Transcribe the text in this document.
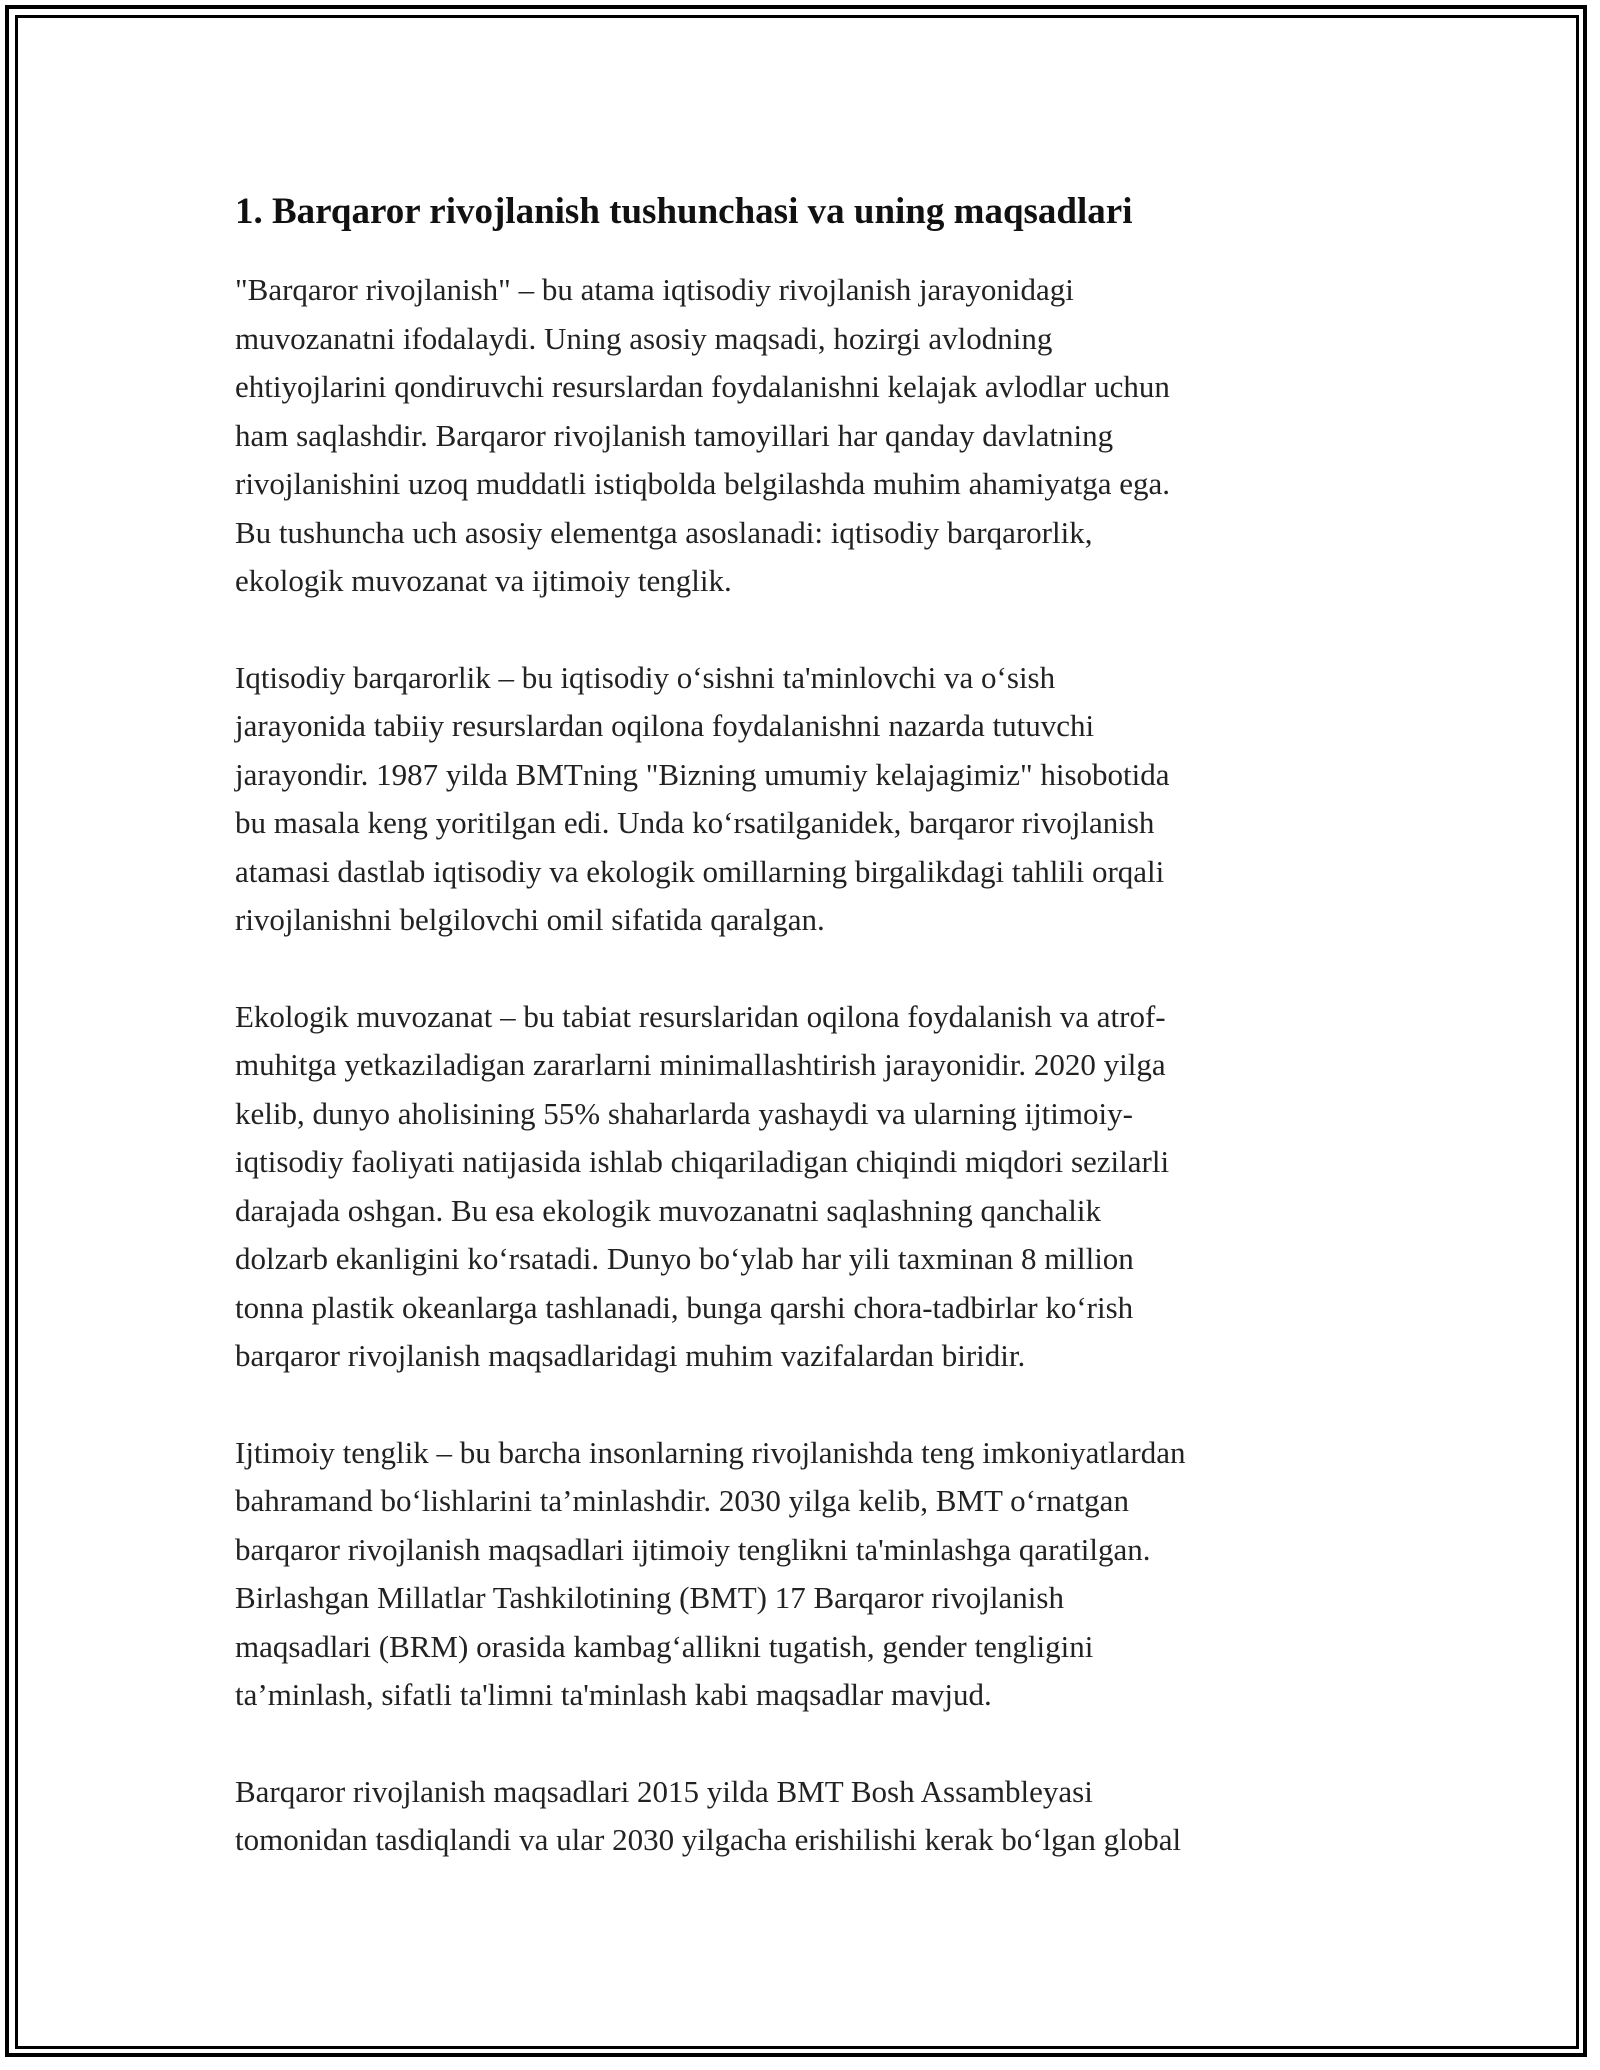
1. Barqaror rivojlanish tushunchasi va uning maqsadlari

"Barqaror rivojlanish" – bu atama iqtisodiy rivojlanish jarayonidagi
muvozanatni ifodalaydi. Uning asosiy maqsadi, hozirgi avlodning
ehtiyojlarini qondiruvchi resurslardan foydalanishni kelajak avlodlar uchun
ham saqlashdir. Barqaror rivojlanish tamoyillari har qanday davlatning
rivojlanishini uzoq muddatli istiqbolda belgilashda muhim ahamiyatga ega.
Bu tushuncha uch asosiy elementga asoslanadi: iqtisodiy barqarorlik,
ekologik muvozanat va ijtimoiy tenglik.

Iqtisodiy barqarorlik – bu iqtisodiy o‘sishni ta'minlovchi va o‘sish
jarayonida tabiiy resurslardan oqilona foydalanishni nazarda tutuvchi
jarayondir. 1987 yilda BMTning "Bizning umumiy kelajagimiz" hisobotida
bu masala keng yoritilgan edi. Unda ko‘rsatilganidek, barqaror rivojlanish
atamasi dastlab iqtisodiy va ekologik omillarning birgalikdagi tahlili orqali
rivojlanishni belgilovchi omil sifatida qaralgan.

Ekologik muvozanat – bu tabiat resurslaridan oqilona foydalanish va atrof-
muhitga yetkaziladigan zararlarni minimallashtirish jarayonidir. 2020 yilga
kelib, dunyo aholisining 55% shaharlarda yashaydi va ularning ijtimoiy-
iqtisodiy faoliyati natijasida ishlab chiqariladigan chiqindi miqdori sezilarli
darajada oshgan. Bu esa ekologik muvozanatni saqlashning qanchalik
dolzarb ekanligini ko‘rsatadi. Dunyo bo‘ylab har yili taxminan 8 million
tonna plastik okeanlarga tashlanadi, bunga qarshi chora-tadbirlar ko‘rish
barqaror rivojlanish maqsadlaridagi muhim vazifalardan biridir.

Ijtimoiy tenglik – bu barcha insonlarning rivojlanishda teng imkoniyatlardan
bahramand bo‘lishlarini ta’minlashdir. 2030 yilga kelib, BMT o‘rnatgan
barqaror rivojlanish maqsadlari ijtimoiy tenglikni ta'minlashga qaratilgan.
Birlashgan Millatlar Tashkilotining (BMT) 17 Barqaror rivojlanish
maqsadlari (BRM) orasida kambag‘allikni tugatish, gender tengligini
ta’minlash, sifatli ta'limni ta'minlash kabi maqsadlar mavjud.

Barqaror rivojlanish maqsadlari 2015 yilda BMT Bosh Assambleyasi
tomonidan tasdiqlandi va ular 2030 yilgacha erishilishi kerak bo‘lgan global
